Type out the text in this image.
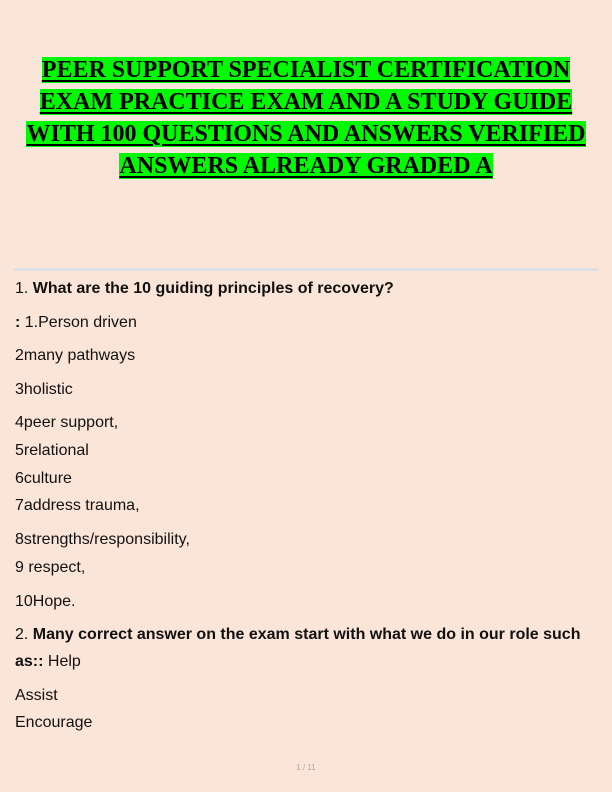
PEER SUPPORT SPECIALIST CERTIFICATION
EXAM PRACTICE EXAM AND A STUDY GUIDE
WITH 100 QUESTIONS AND ANSWERS VERIFIED
ANSWERS ALREADY GRADED A
1. What are the 10 guiding principles of recovery?
: 1.Person driven
2many pathways
3holistic
4peer support,
5relational
6culture
7address trauma,
8strengths/responsibility,
9 respect,
10Hope.
2. Many correct answer on the exam start with what we do in our role such
as:: Help
Assist
Encourage
1 / 11
